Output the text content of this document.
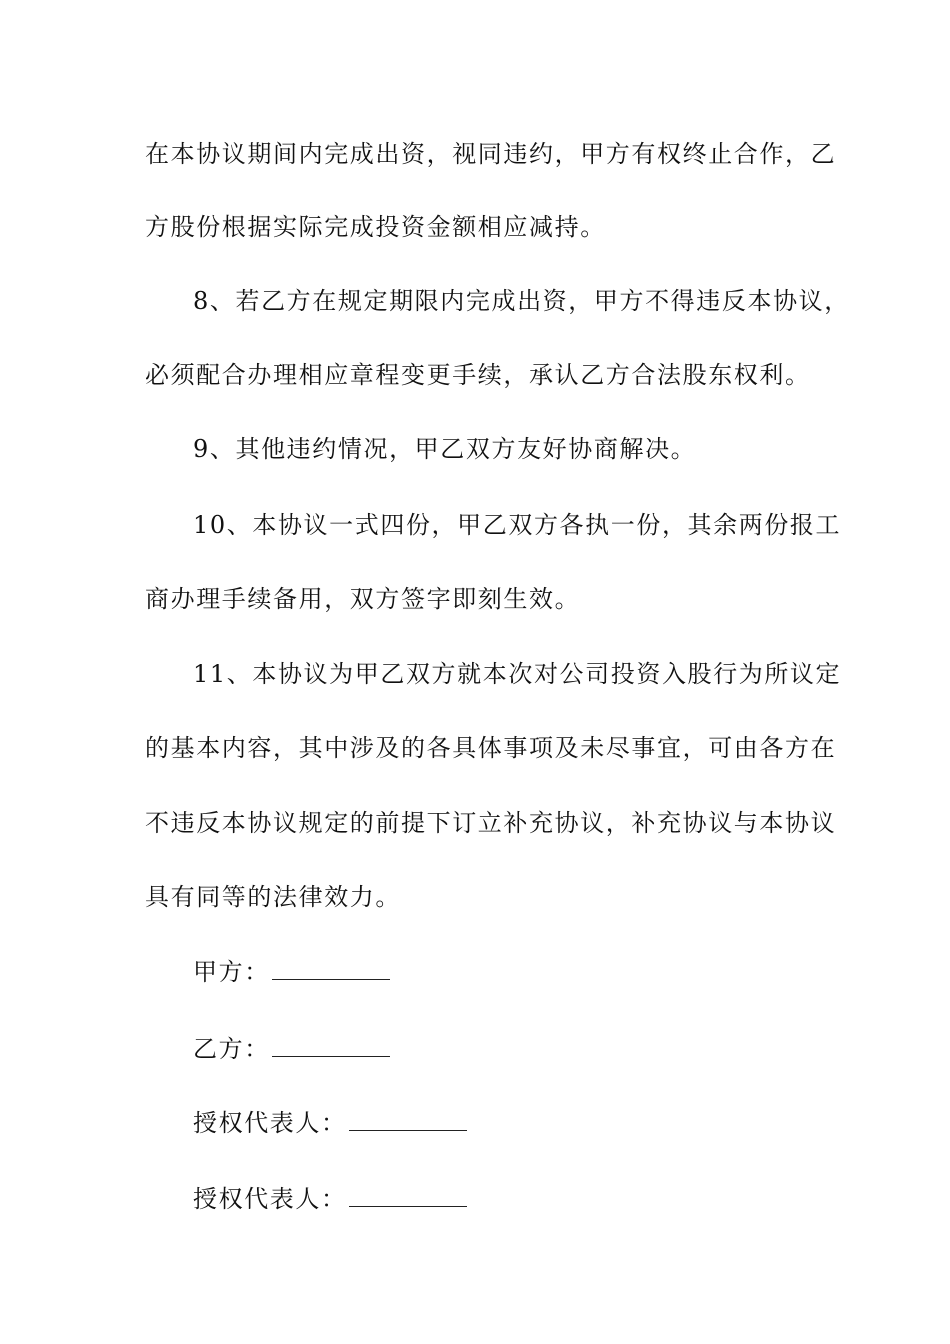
在本协议期间内完成出资，视同违约，甲方有权终止合作，乙
方股份根据实际完成投资金额相应减持。
8、若乙方在规定期限内完成出资，甲方不得违反本协议，
必须配合办理相应章程变更手续，承认乙方合法股东权利。
9、其他违约情况，甲乙双方友好协商解决。
10、本协议一式四份，甲乙双方各执一份，其余两份报工
商办理手续备用，双方签字即刻生效。
11、本协议为甲乙双方就本次对公司投资入股行为所议定
的基本内容，其中涉及的各具体事项及未尽事宜，可由各方在
不违反本协议规定的前提下订立补充协议，补充协议与本协议
具有同等的法律效力。
甲方：
乙方：
授权代表人：
授权代表人：
